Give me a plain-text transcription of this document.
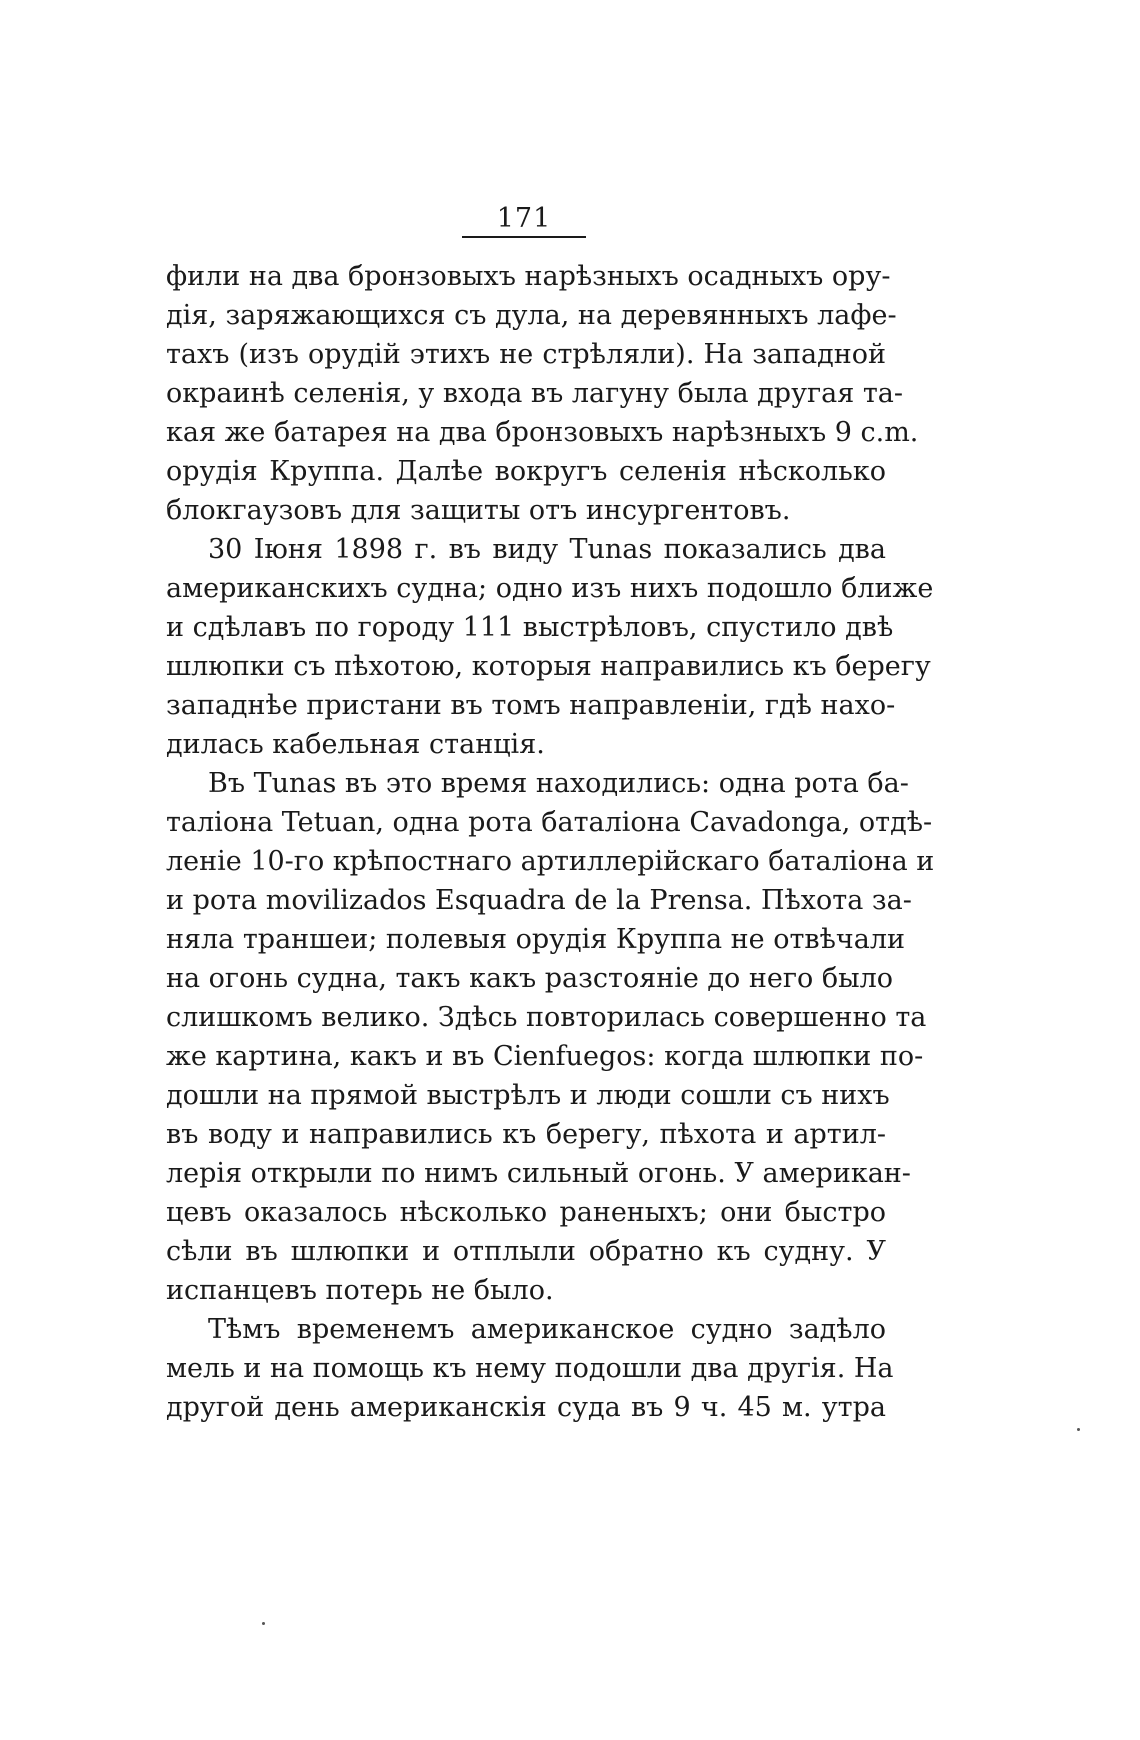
171
фили на два бронзовыхъ нарѣзныхъ осадныхъ ору-
дія, заряжающихся съ дула, на деревянныхъ лафе-
тахъ (изъ орудій этихъ не стрѣляли). На западной
окраинѣ селенія, у входа въ лагуну была другая та-
кая же батарея на два бронзовыхъ нарѣзныхъ 9 c.m.
орудія Круппа. Далѣе вокругъ селенія нѣсколько
блокгаузовъ для защиты отъ инсургентовъ.
30 Іюня 1898 г. въ виду Tunas показались два
американскихъ судна; одно изъ нихъ подошло ближе
и сдѣлавъ по городу 111 выстрѣловъ, спустило двѣ
шлюпки съ пѣхотою, которыя направились къ берегу
западнѣе пристани въ томъ направленіи, гдѣ нахо-
дилась кабельная станція.
Въ Tunas въ это время находились: одна рота ба-
таліона Tetuan, одна рота баталіона Cavadonga, отдѣ-
леніе 10-го крѣпостнаго артиллерійскаго баталіона и
и рота movilizados Esquadra de la Prensa. Пѣхота за-
няла траншеи; полевыя орудія Круппа не отвѣчали
на огонь судна, такъ какъ разстояніе до него было
слишкомъ велико. Здѣсь повторилась совершенно та
же картина, какъ и въ Cienfuegos: когда шлюпки по-
дошли на прямой выстрѣлъ и люди сошли съ нихъ
въ воду и направились къ берегу, пѣхота и артил-
лерія открыли по нимъ сильный огонь. У американ-
цевъ оказалось нѣсколько раненыхъ; они быстро
сѣли въ шлюпки и отплыли обратно къ судну. У
испанцевъ потерь не было.
Тѣмъ временемъ американское судно задѣло
мель и на помощь къ нему подошли два другія. На
другой день американскія суда въ 9 ч. 45 м. утра
